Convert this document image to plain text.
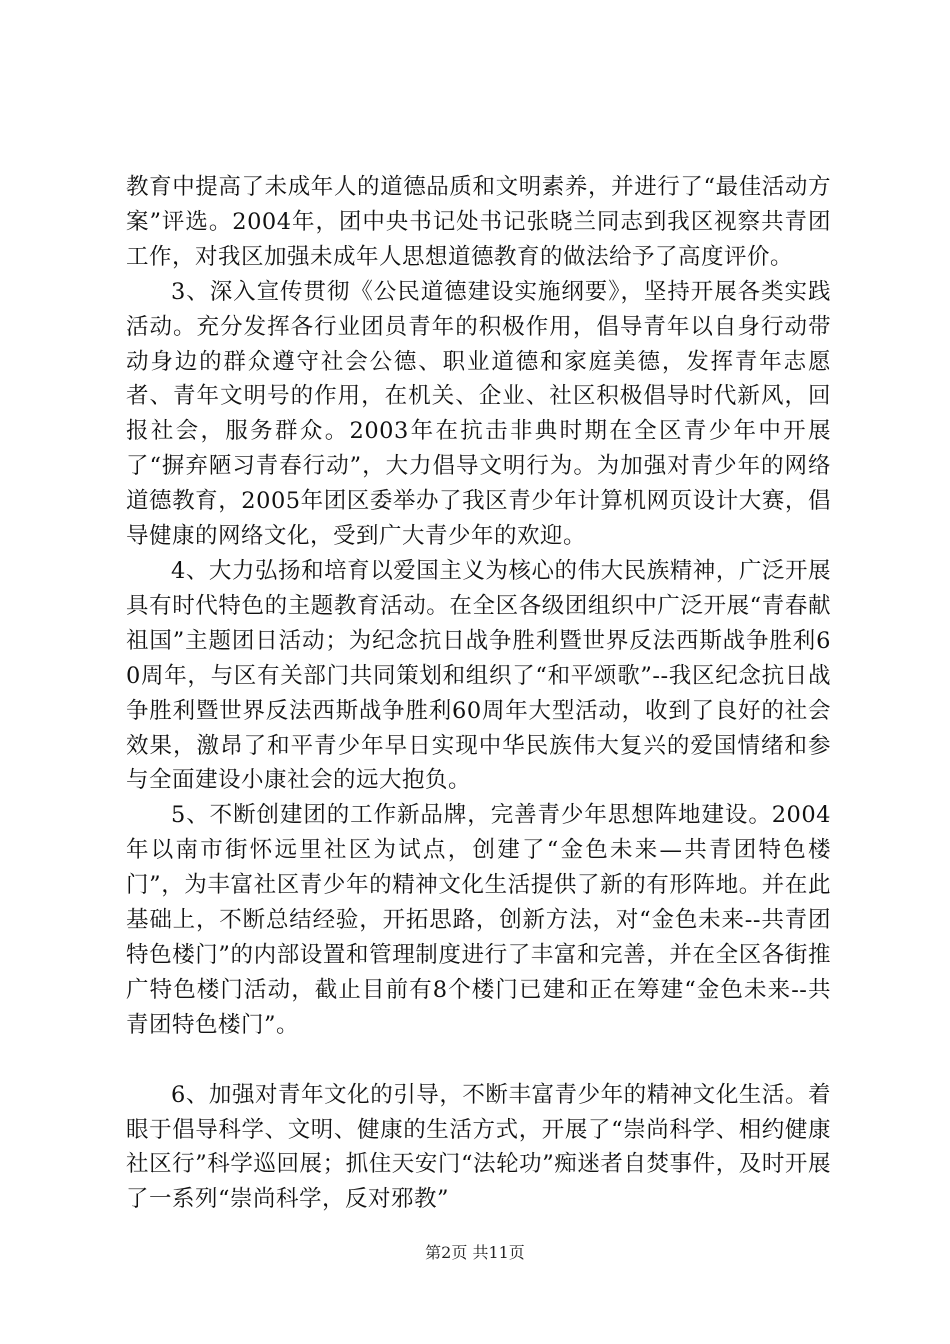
教育中提高了未成年人的道德品质和文明素养，并进行了“最佳活动方案”评选。2004年，团中央书记处书记张晓兰同志到我区视察共青团工作，对我区加强未成年人思想道德教育的做法给予了高度评价。

3、深入宣传贯彻《公民道德建设实施纲要》，坚持开展各类实践活动。充分发挥各行业团员青年的积极作用，倡导青年以自身行动带动身边的群众遵守社会公德、职业道德和家庭美德，发挥青年志愿者、青年文明号的作用，在机关、企业、社区积极倡导时代新风，回报社会，服务群众。2003年在抗击非典时期在全区青少年中开展了“摒弃陋习青春行动”，大力倡导文明行为。为加强对青少年的网络道德教育，2005年团区委举办了我区青少年计算机网页设计大赛，倡导健康的网络文化，受到广大青少年的欢迎。

4、大力弘扬和培育以爱国主义为核心的伟大民族精神，广泛开展具有时代特色的主题教育活动。在全区各级团组织中广泛开展“青春献祖国”主题团日活动；为纪念抗日战争胜利暨世界反法西斯战争胜利60周年，与区有关部门共同策划和组织了“和平颂歌”--我区纪念抗日战争胜利暨世界反法西斯战争胜利60周年大型活动，收到了良好的社会效果，激昂了和平青少年早日实现中华民族伟大复兴的爱国情绪和参与全面建设小康社会的远大抱负。

5、不断创建团的工作新品牌，完善青少年思想阵地建设。2004年以南市街怀远里社区为试点，创建了“金色未来—共青团特色楼门”，为丰富社区青少年的精神文化生活提供了新的有形阵地。并在此基础上，不断总结经验，开拓思路，创新方法，对“金色未来--共青团特色楼门”的内部设置和管理制度进行了丰富和完善，并在全区各街推广特色楼门活动，截止目前有8个楼门已建和正在筹建“金色未来--共青团特色楼门”。

6、加强对青年文化的引导，不断丰富青少年的精神文化生活。着眼于倡导科学、文明、健康的生活方式，开展了“崇尚科学、相约健康社区行”科学巡回展；抓住天安门“法轮功”痴迷者自焚事件，及时开展了一系列“崇尚科学，反对邪教”

第2页 共11页
